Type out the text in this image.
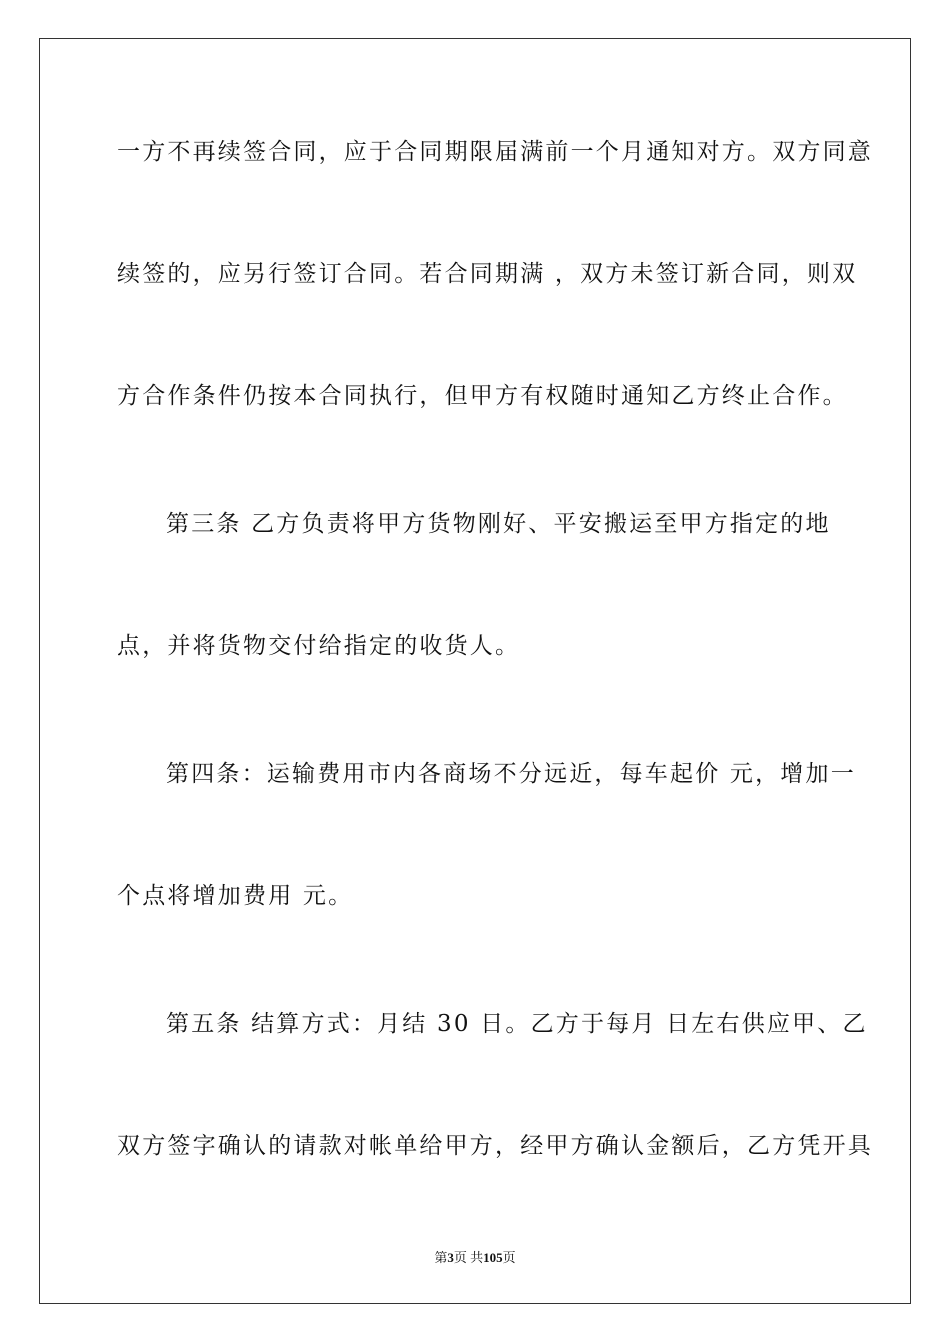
一方不再续签合同，应于合同期限届满前一个月通知对方。双方同意
续签的，应另行签订合同。若合同期满 ，双方未签订新合同，则双
方合作条件仍按本合同执行，但甲方有权随时通知乙方终止合作。
第三条 乙方负责将甲方货物刚好、平安搬运至甲方指定的地
点，并将货物交付给指定的收货人。
第四条：运输费用市内各商场不分远近，每车起价 元，增加一
个点将增加费用 元。
第五条 结算方式：月结 30 日。乙方于每月 日左右供应甲、乙
双方签字确认的请款对帐单给甲方，经甲方确认金额后，乙方凭开具
第3页 共105页
